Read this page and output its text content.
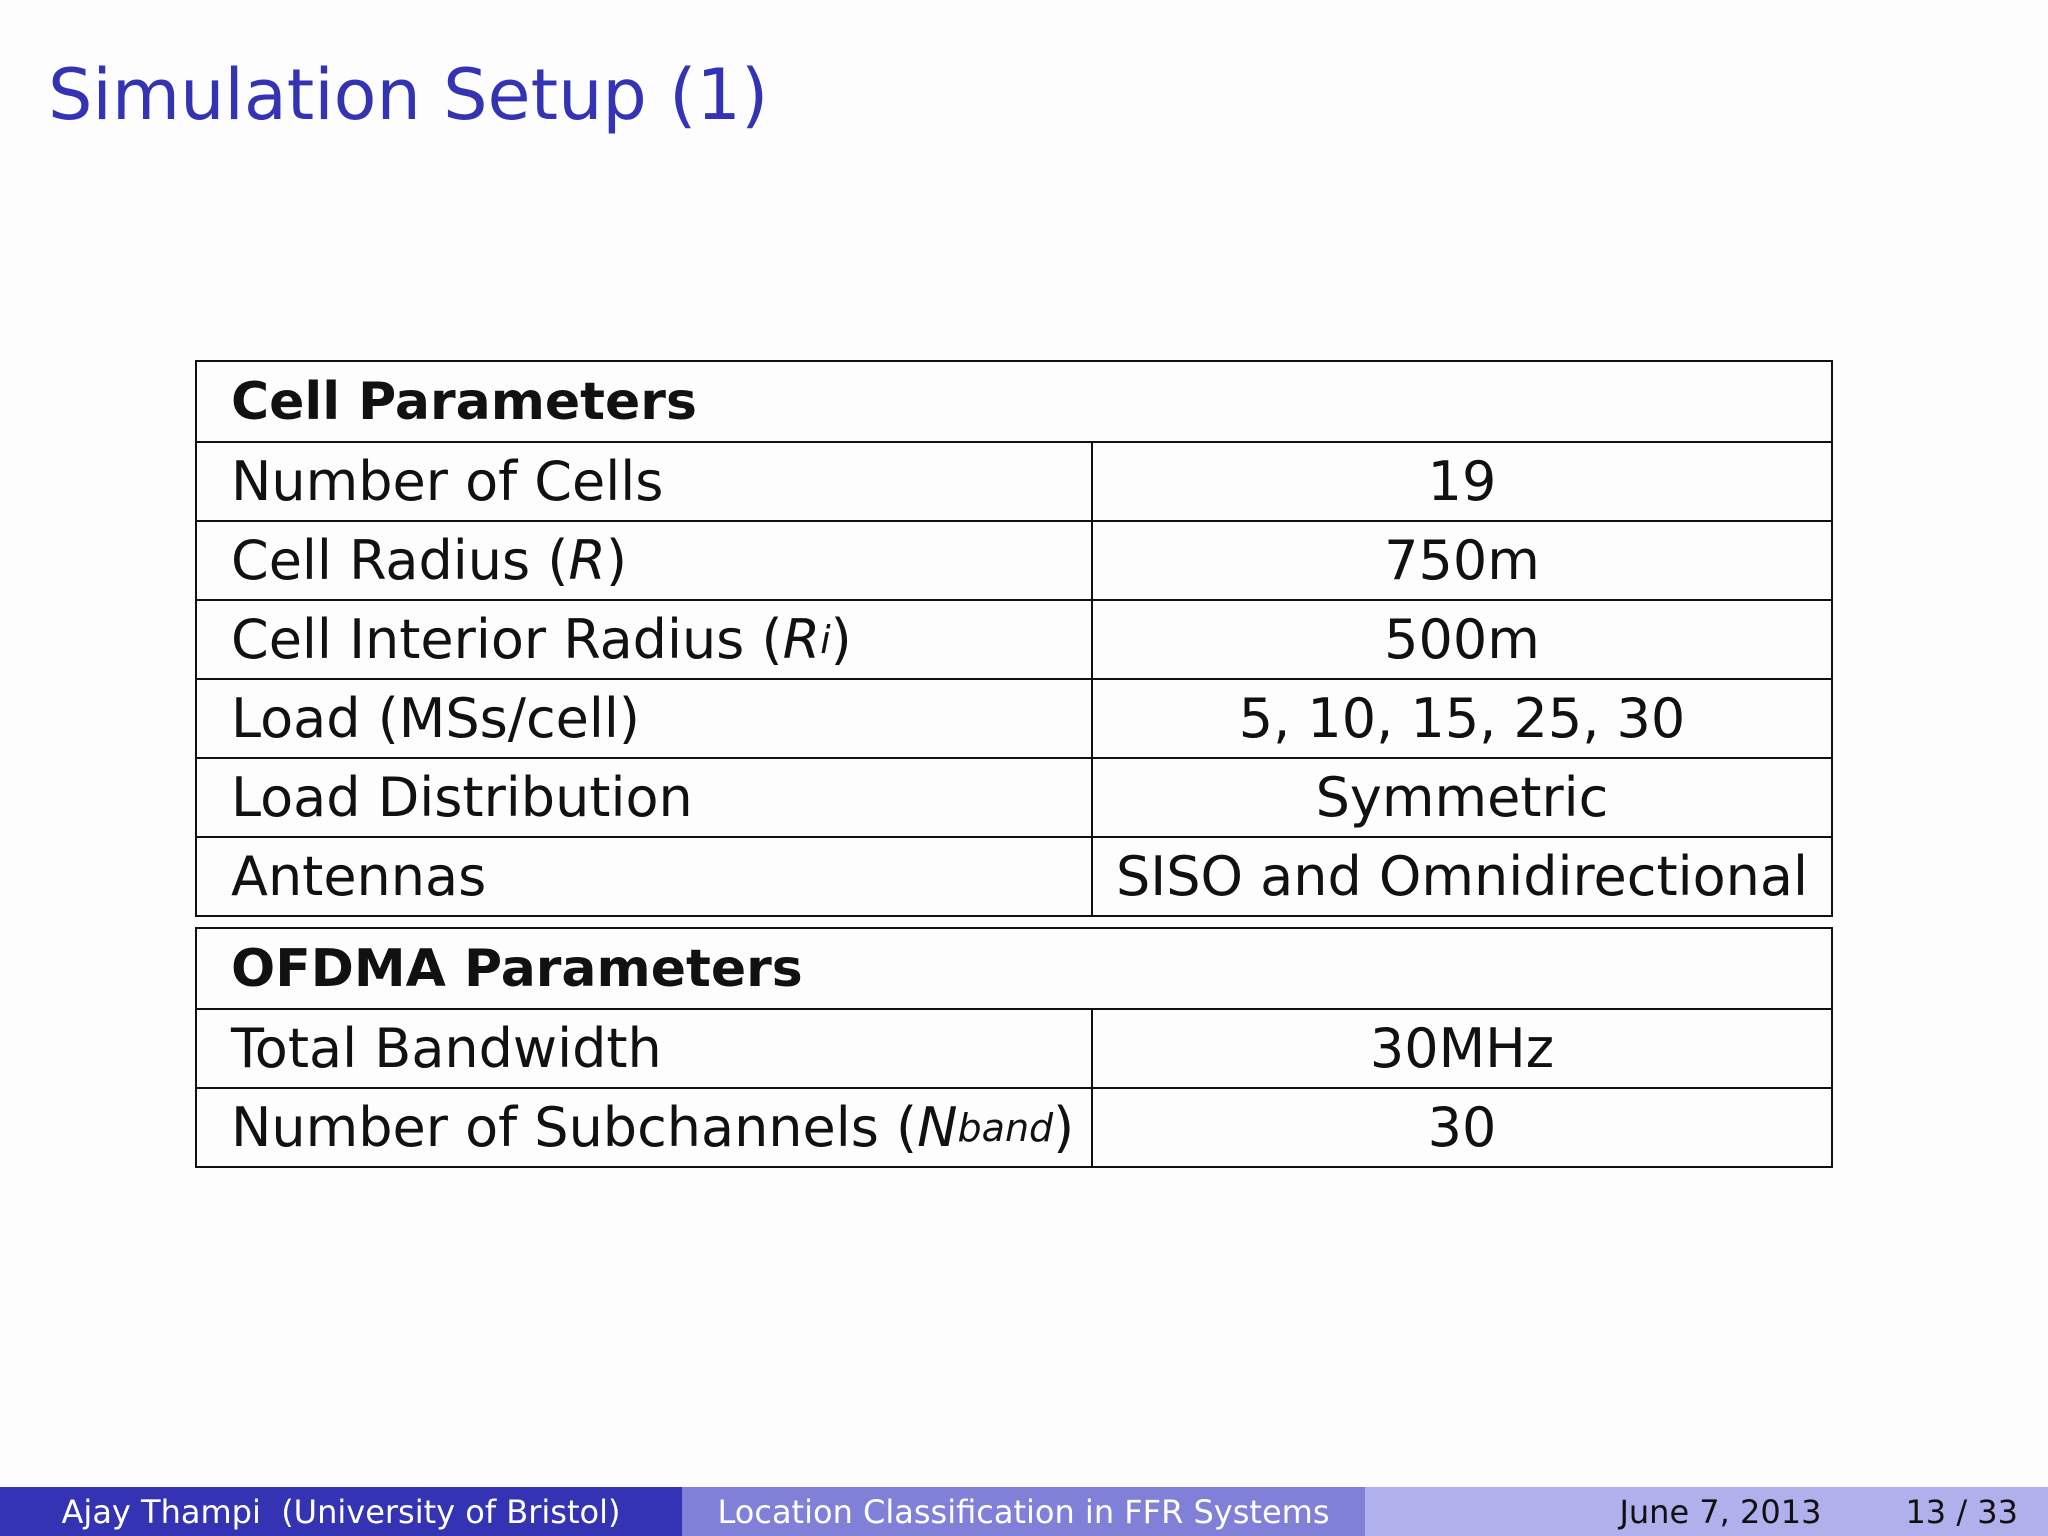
Simulation Setup (1)
Cell Parameters
Number of Cells	19
Cell Radius ( R )	750m
Cell Interior Radius ( R i )	500m
Load (MSs/cell)	5, 10, 15, 25, 30
Load Distribution	Symmetric
Antennas	SISO and Omnidirectional
OFDMA Parameters
Total Bandwidth	30MHz
Number of Subchannels ( N band )	30
Ajay Thampi  (University of Bristol)	Location Classification in FFR Systems	June 7, 2013	13 / 33
